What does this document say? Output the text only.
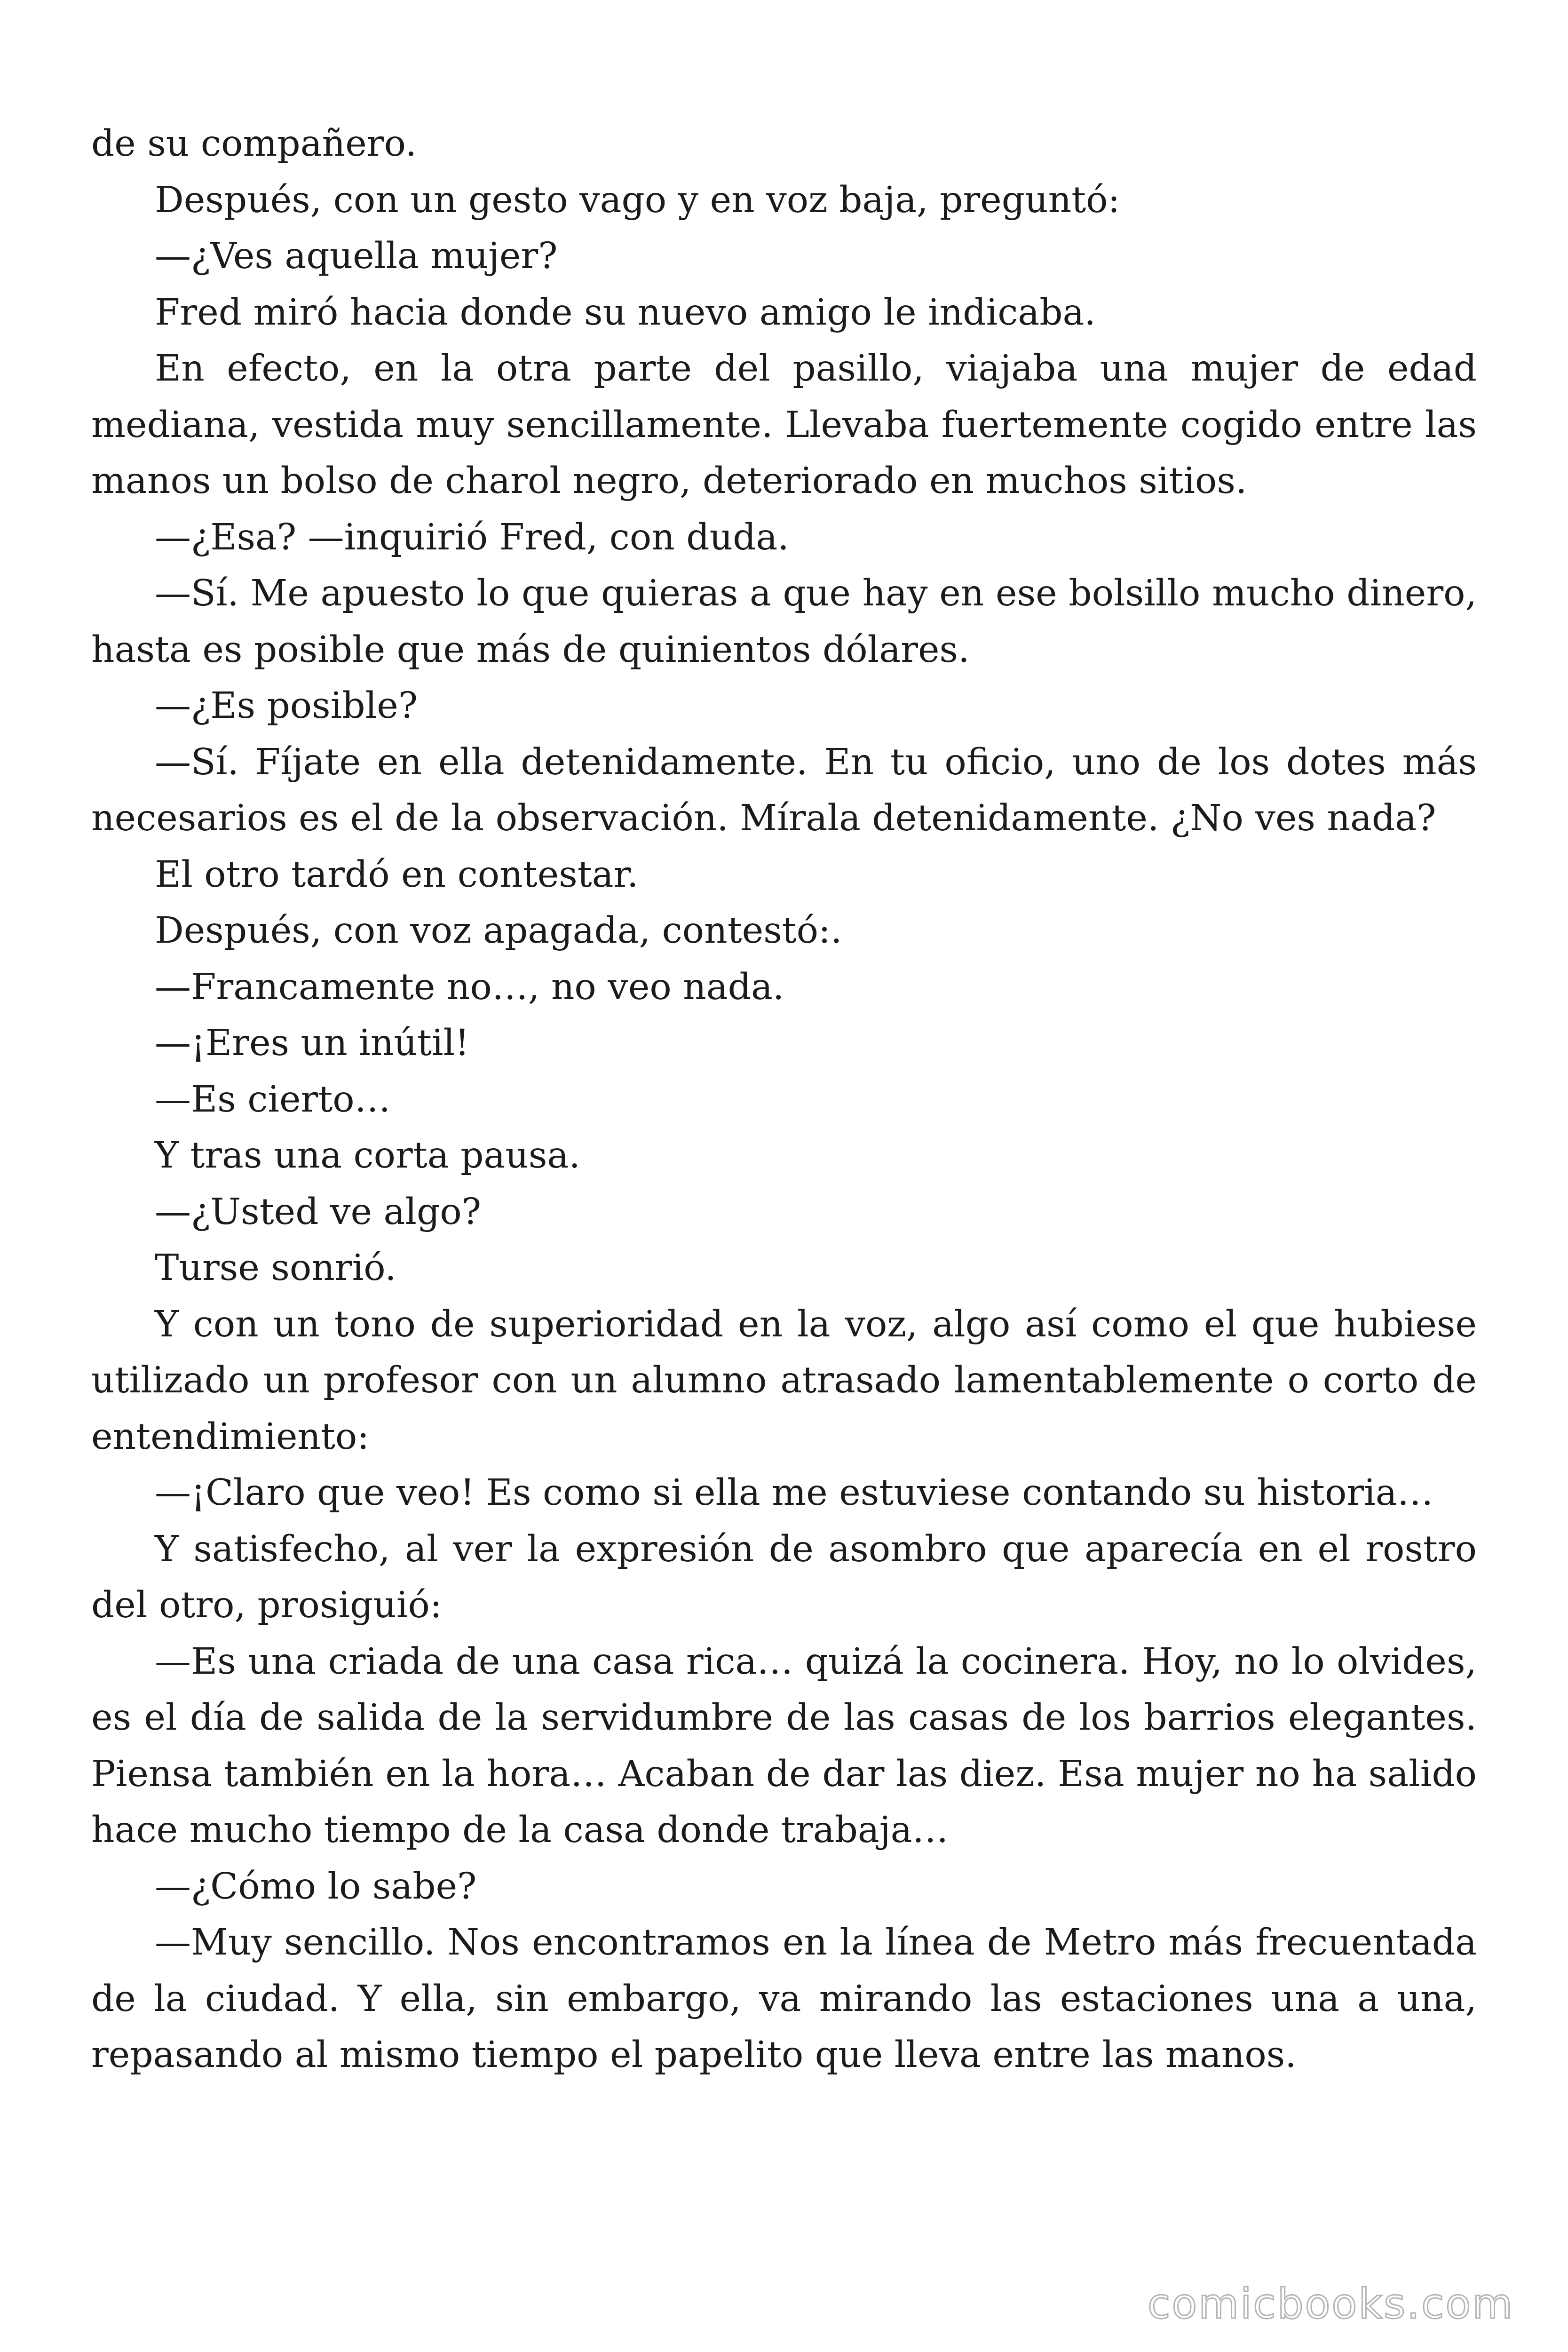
de su compañero.

Después, con un gesto vago y en voz baja, preguntó:

—¿Ves aquella mujer?

Fred miró hacia donde su nuevo amigo le indicaba.

En efecto, en la otra parte del pasillo, viajaba una mujer de edad mediana, vestida muy sencillamente. Llevaba fuertemente cogido entre las manos un bolso de charol negro, deteriorado en muchos sitios.

—¿Esa? —inquirió Fred, con duda.

—Sí. Me apuesto lo que quieras a que hay en ese bolsillo mucho dinero, hasta es posible que más de quinientos dólares.

—¿Es posible?

—Sí. Fíjate en ella detenidamente. En tu oficio, uno de los dotes más necesarios es el de la observación. Mírala detenidamente. ¿No ves nada?

El otro tardó en contestar.

Después, con voz apagada, contestó:.

—Francamente no…, no veo nada.

—¡Eres un inútil!

—Es cierto…

Y tras una corta pausa.

—¿Usted ve algo?

Turse sonrió.

Y con un tono de superioridad en la voz, algo así como el que hubiese utilizado un profesor con un alumno atrasado lamentablemente o corto de entendimiento:

—¡Claro que veo! Es como si ella me estuviese contando su historia…

Y satisfecho, al ver la expresión de asombro que aparecía en el rostro del otro, prosiguió:

—Es una criada de una casa rica… quizá la cocinera. Hoy, no lo olvides, es el día de salida de la servidumbre de las casas de los barrios elegantes. Piensa también en la hora… Acaban de dar las diez. Esa mujer no ha salido hace mucho tiempo de la casa donde trabaja…

—¿Cómo lo sabe?

—Muy sencillo. Nos encontramos en la línea de Metro más frecuentada de la ciudad. Y ella, sin embargo, va mirando las estaciones una a una, repasando al mismo tiempo el papelito que lleva entre las manos.

comicbooks.com
